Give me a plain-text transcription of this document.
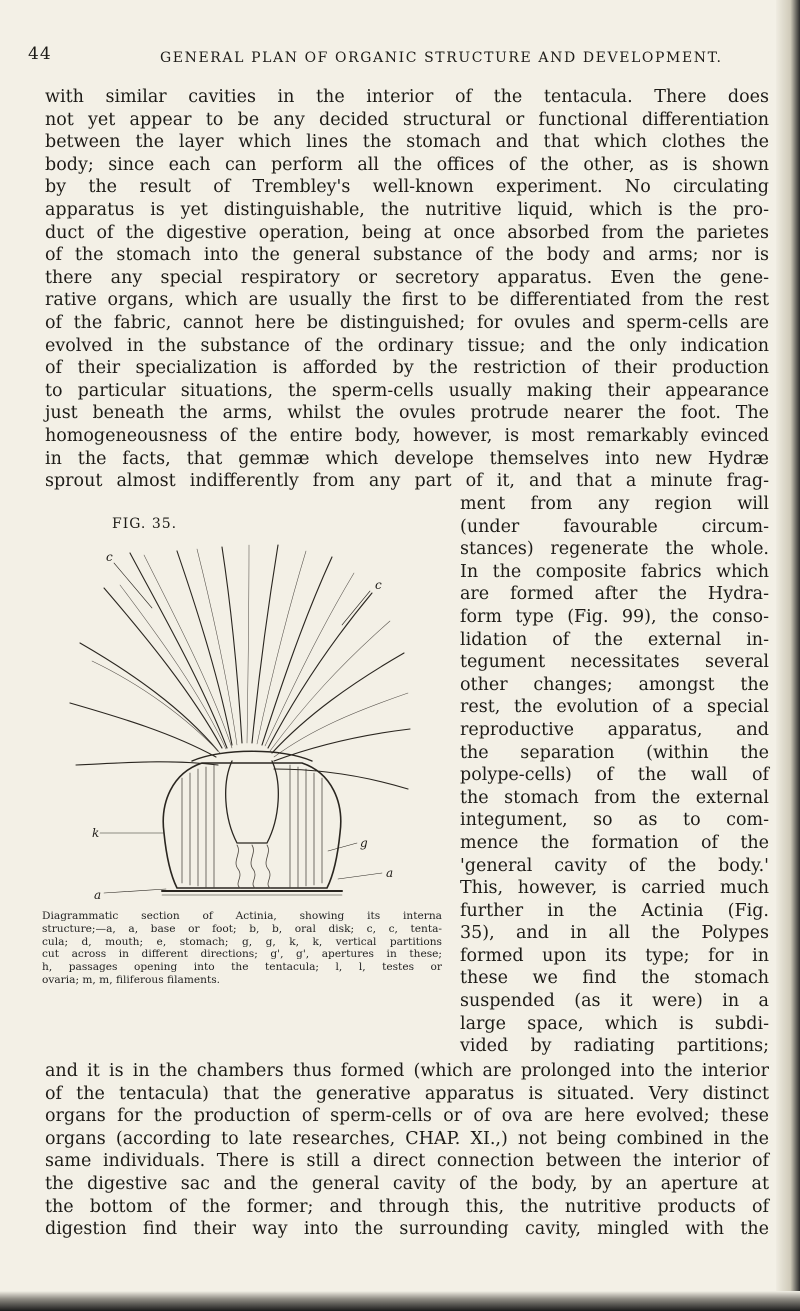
44	GENERAL PLAN OF ORGANIC STRUCTURE AND DEVELOPMENT.
with similar cavities in the interior of the tentacula. There does
not yet appear to be any decided structural or functional differentiation
between the layer which lines the stomach and that which clothes the
body; since each can perform all the offices of the other, as is shown
by the result of Trembley's well-known experiment. No circulating
apparatus is yet distinguishable, the nutritive liquid, which is the pro-
duct of the digestive operation, being at once absorbed from the parietes
of the stomach into the general substance of the body and arms; nor is
there any special respiratory or secretory apparatus. Even the gene-
rative organs, which are usually the first to be differentiated from the rest
of the fabric, cannot here be distinguished; for ovules and sperm-cells are
evolved in the substance of the ordinary tissue; and the only indication
of their specialization is afforded by the restriction of their production
to particular situations, the sperm-cells usually making their appearance
just beneath the arms, whilst the ovules protrude nearer the foot. The
homogeneousness of the entire body, however, is most remarkably evinced
in the facts, that gemmæ which develope themselves into new Hydræ
sprout almost indifferently from any part of it, and that a minute frag-
FIG. 35.
ment from any region will
(under favourable circum-
stances) regenerate the whole.
In the composite fabrics which
are formed after the Hydra-
form type (Fig. 99), the conso-
lidation of the external in-
tegument necessitates several
other changes; amongst the
rest, the evolution of a special
reproductive apparatus, and
the separation (within the
polype-cells) of the wall of
the stomach from the external
integument, so as to com-
mence the formation of the
'general cavity of the body.'
This, however, is carried much
further in the Actinia (Fig.
35), and in all the Polypes
formed upon its type; for in
these we find the stomach
suspended (as it were) in a
large space, which is subdi-
vided by radiating partitions;
c
c
k
a
a
g
Diagrammatic section of Actinia, showing its interna
structure;—a, a, base or foot; b, b, oral disk; c, c, tenta-
cula; d, mouth; e, stomach; g, g, k, k, vertical partitions
cut across in different directions; g', g', apertures in these;
h, passages opening into the tentacula; l, l, testes or
ovaria; m, m, filiferous filaments.
and it is in the chambers thus formed (which are prolonged into the interior
of the tentacula) that the generative apparatus is situated. Very distinct
organs for the production of sperm-cells or of ova are here evolved; these
organs (according to late researches, CHAP. XI.,) not being combined in the
same individuals. There is still a direct connection between the interior of
the digestive sac and the general cavity of the body, by an aperture at
the bottom of the former; and through this, the nutritive products of
digestion find their way into the surrounding cavity, mingled with the
